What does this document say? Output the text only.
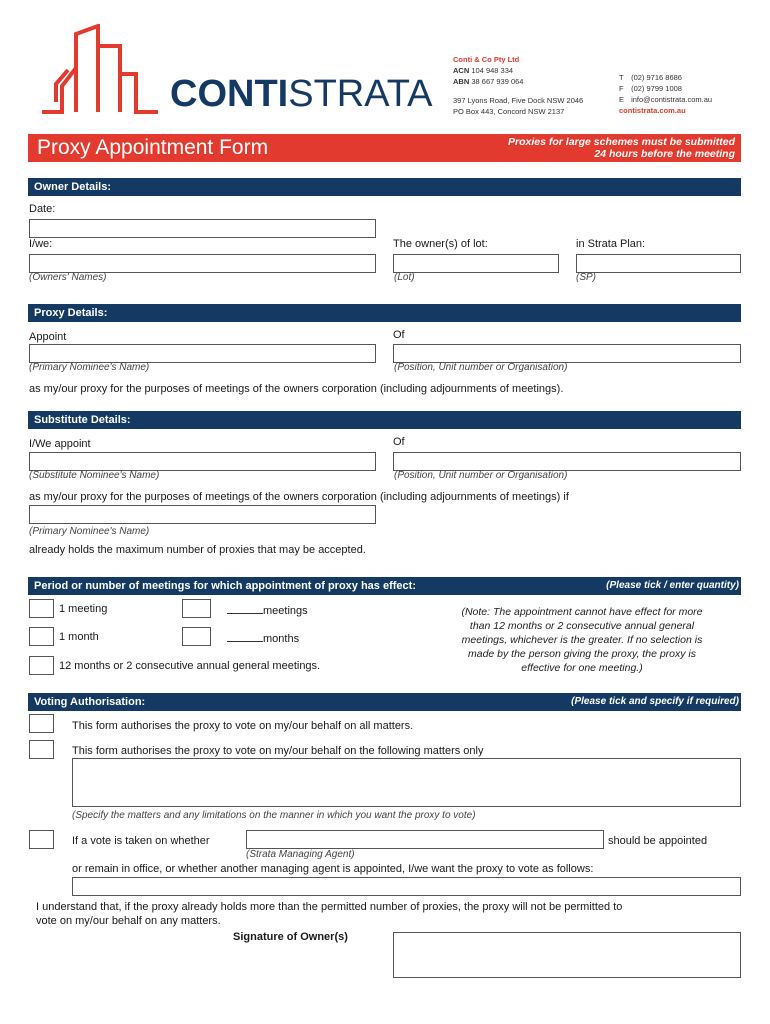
CONTISTRATA
Conti & Co Pty Ltd
ACN 104 948 334
ABN 38 667 939 064
397 Lyons Road, Five Dock NSW 2046
PO Box 443, Concord NSW 2137
T (02) 9716 8686
F (02) 9799 1008
E info@contistrata.com.au
contistrata.com.au
Proxy Appointment Form	Proxies for large schemes must be submitted
24 hours before the meeting
Owner Details:
Date:
I/we:	The owner(s) of lot:	in Strata Plan:
(Owners' Names)	(Lot)	(SP)
Proxy Details:
Appoint	Of
(Primary Nominee's Name)	(Position, Unit number or Organisation)
as my/our proxy for the purposes of meetings of the owners corporation (including adjournments of meetings).
Substitute Details:
I/We appoint	Of
(Substitute Nominee's Name)	(Position, Unit number or Organisation)
as my/our proxy for the purposes of meetings of the owners corporation (including adjournments of meetings) if
(Primary Nominee's Name)
already holds the maximum number of proxies that may be accepted.
Period or number of meetings for which appointment of proxy has effect:	(Please tick / enter quantity)
1 meeting	meetings
1 month	months
12 months or 2 consecutive annual general meetings.
(Note: The appointment cannot have effect for more
than 12 months or 2 consecutive annual general
meetings, whichever is the greater. If no selection is
made by the person giving the proxy, the proxy is
effective for one meeting.)
Voting Authorisation:	(Please tick and specify if required)
This form authorises the proxy to vote on my/our behalf on all matters.
This form authorises the proxy to vote on my/our behalf on the following matters only
(Specify the matters and any limitations on the manner in which you want the proxy to vote)
If a vote is taken on whether	should be appointed
(Strata Managing Agent)
or remain in office, or whether another managing agent is appointed, I/we want the proxy to vote as follows:
I understand that, if the proxy already holds more than the permitted number of proxies, the proxy will not be permitted to
vote on my/our behalf on any matters.
Signature of Owner(s)
